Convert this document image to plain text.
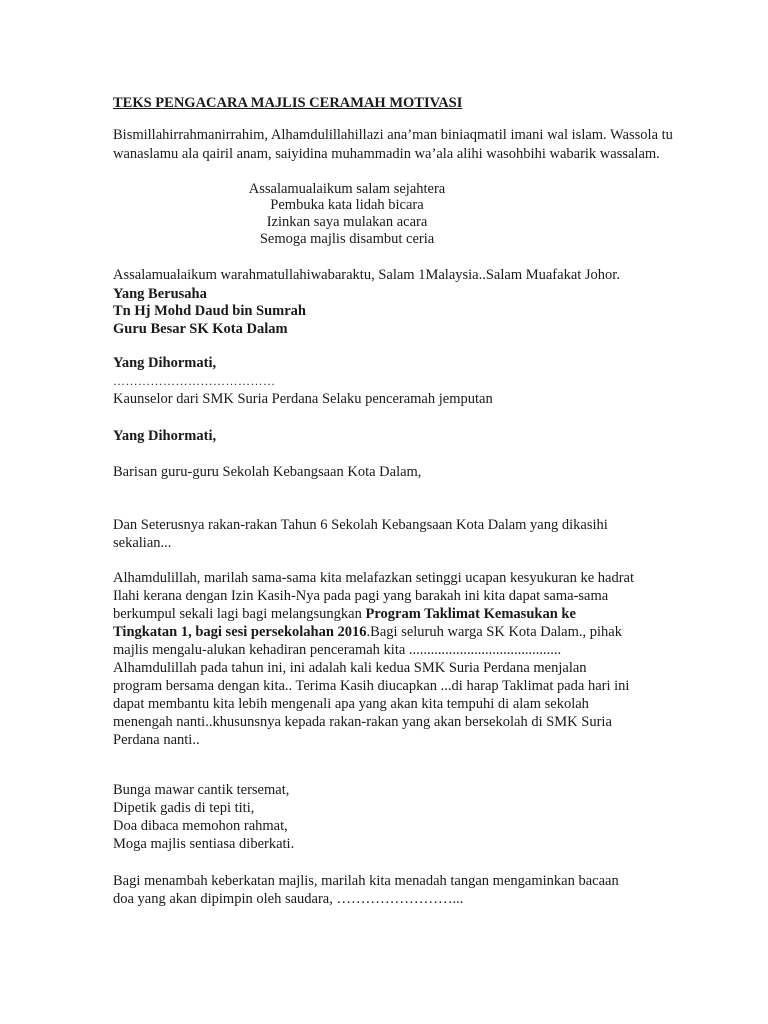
TEKS PENGACARA MAJLIS CERAMAH MOTIVASI
Bismillahirrahmanirrahim, Alhamdulillahillazi ana’man biniaqmatil imani wal islam. Wassola tu
wanaslamu ala qairil anam, saiyidina muhammadin wa’ala alihi wasohbihi wabarik wassalam.
Assalamualaikum salam sejahtera
Pembuka kata lidah bicara
Izinkan saya mulakan acara
Semoga majlis disambut ceria
Assalamualaikum warahmatullahiwabaraktu, Salam 1Malaysia..Salam Muafakat Johor.
Yang Berusaha
Tn Hj Mohd Daud bin Sumrah
Guru Besar SK Kota Dalam
Yang Dihormati,
…………………………………
Kaunselor dari SMK Suria Perdana Selaku penceramah jemputan
Yang Dihormati,
Barisan guru-guru Sekolah Kebangsaan Kota Dalam,
Dan Seterusnya rakan-rakan Tahun 6 Sekolah Kebangsaan Kota Dalam yang dikasihi
sekalian...
Alhamdulillah, marilah sama-sama kita melafazkan setinggi ucapan kesyukuran ke hadrat
Ilahi kerana dengan Izin Kasih-Nya pada pagi yang barakah ini kita dapat sama-sama
berkumpul sekali lagi bagi melangsungkan Program Taklimat Kemasukan ke
Tingkatan 1, bagi sesi persekolahan 2016.Bagi seluruh warga SK Kota Dalam., pihak
majlis mengalu-alukan kehadiran penceramah kita ..........................................
Alhamdulillah pada tahun ini, ini adalah kali kedua SMK Suria Perdana menjalan
program bersama dengan kita.. Terima Kasih diucapkan ...di harap Taklimat pada hari ini
dapat membantu kita lebih mengenali apa yang akan kita tempuhi di alam sekolah
menengah nanti..khusunsnya kepada rakan-rakan yang akan bersekolah di SMK Suria
Perdana nanti..
Bunga mawar cantik tersemat,
Dipetik gadis di tepi titi,
Doa dibaca memohon rahmat,
Moga majlis sentiasa diberkati.
Bagi menambah keberkatan majlis, marilah kita menadah tangan mengaminkan bacaan
doa yang akan dipimpin oleh saudara, ……………………...
